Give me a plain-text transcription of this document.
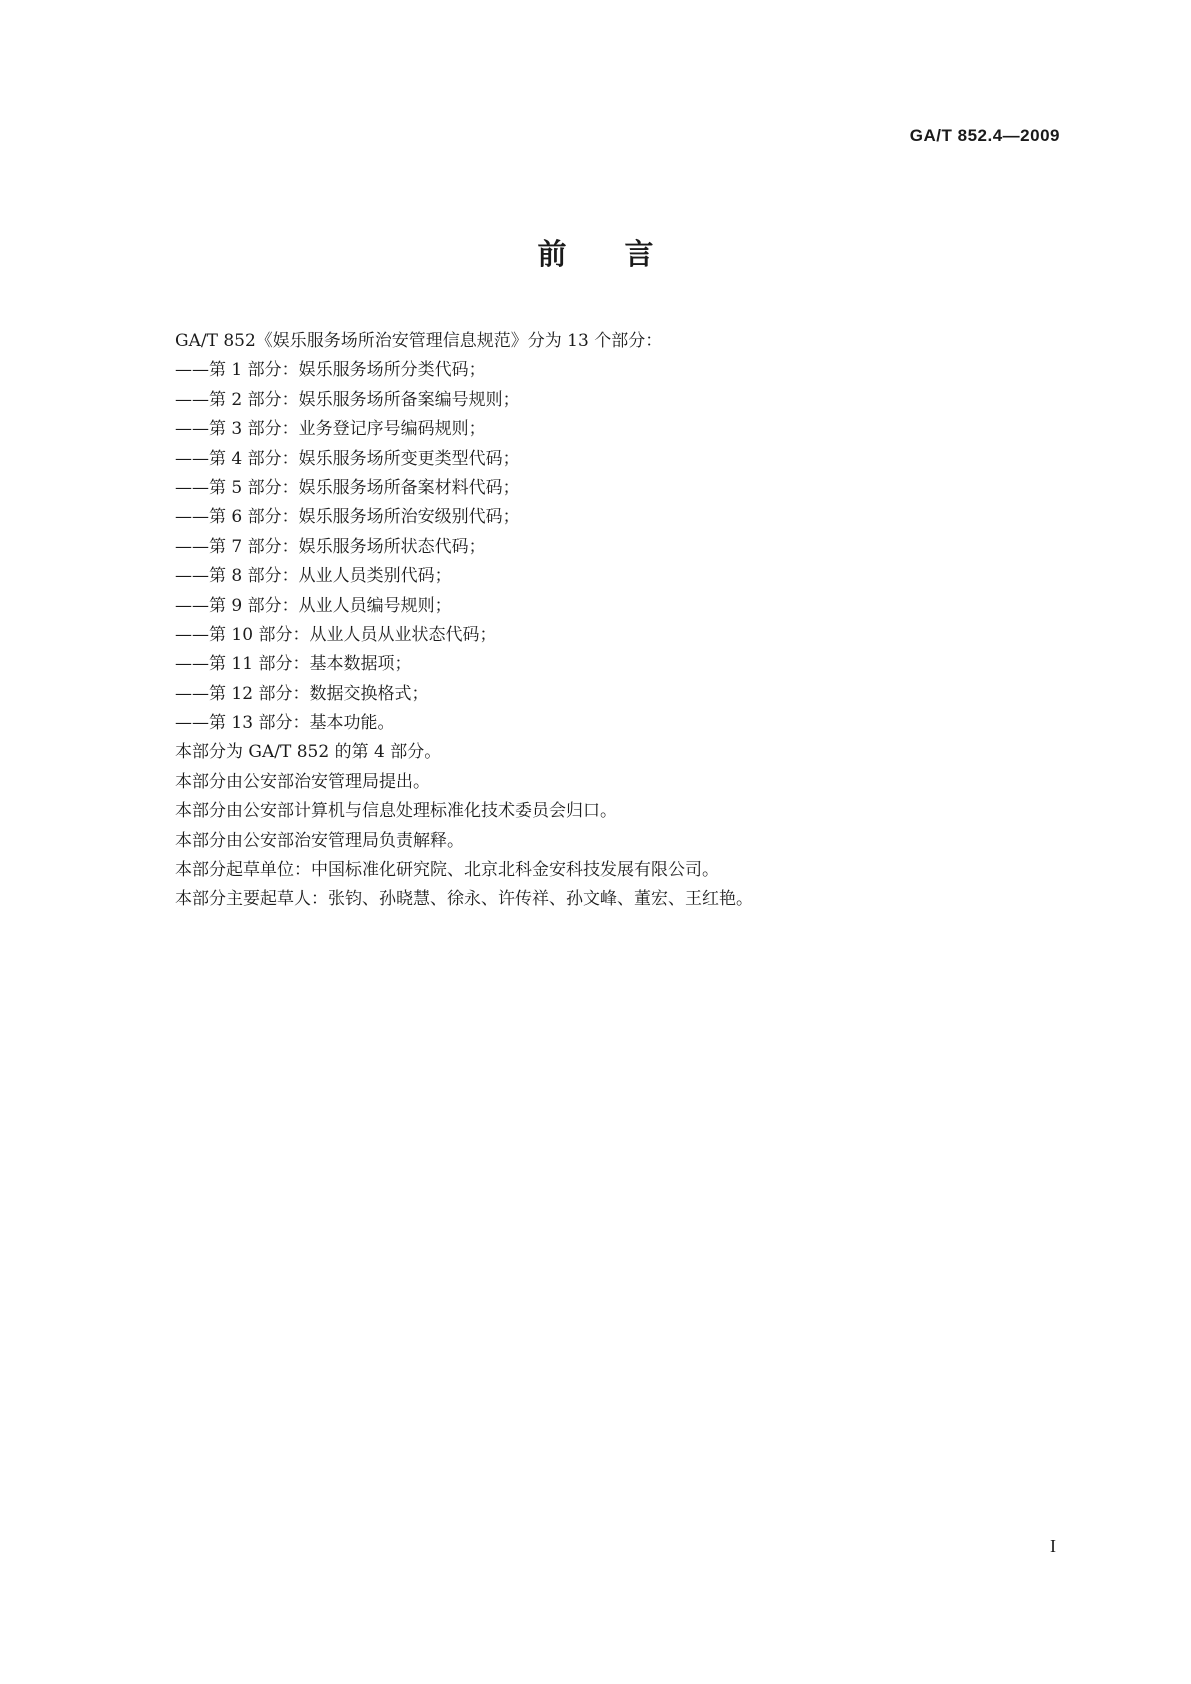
GA/T 852.4—2009
前　　言
GA/T 852《娱乐服务场所治安管理信息规范》分为 13 个部分：
——第 1 部分：娱乐服务场所分类代码；
——第 2 部分：娱乐服务场所备案编号规则；
——第 3 部分：业务登记序号编码规则；
——第 4 部分：娱乐服务场所变更类型代码；
——第 5 部分：娱乐服务场所备案材料代码；
——第 6 部分：娱乐服务场所治安级别代码；
——第 7 部分：娱乐服务场所状态代码；
——第 8 部分：从业人员类别代码；
——第 9 部分：从业人员编号规则；
——第 10 部分：从业人员从业状态代码；
——第 11 部分：基本数据项；
——第 12 部分：数据交换格式；
——第 13 部分：基本功能。
本部分为 GA/T 852 的第 4 部分。
本部分由公安部治安管理局提出。
本部分由公安部计算机与信息处理标准化技术委员会归口。
本部分由公安部治安管理局负责解释。
本部分起草单位：中国标准化研究院、北京北科金安科技发展有限公司。
本部分主要起草人：张钧、孙晓慧、徐永、许传祥、孙文峰、董宏、王红艳。
I
